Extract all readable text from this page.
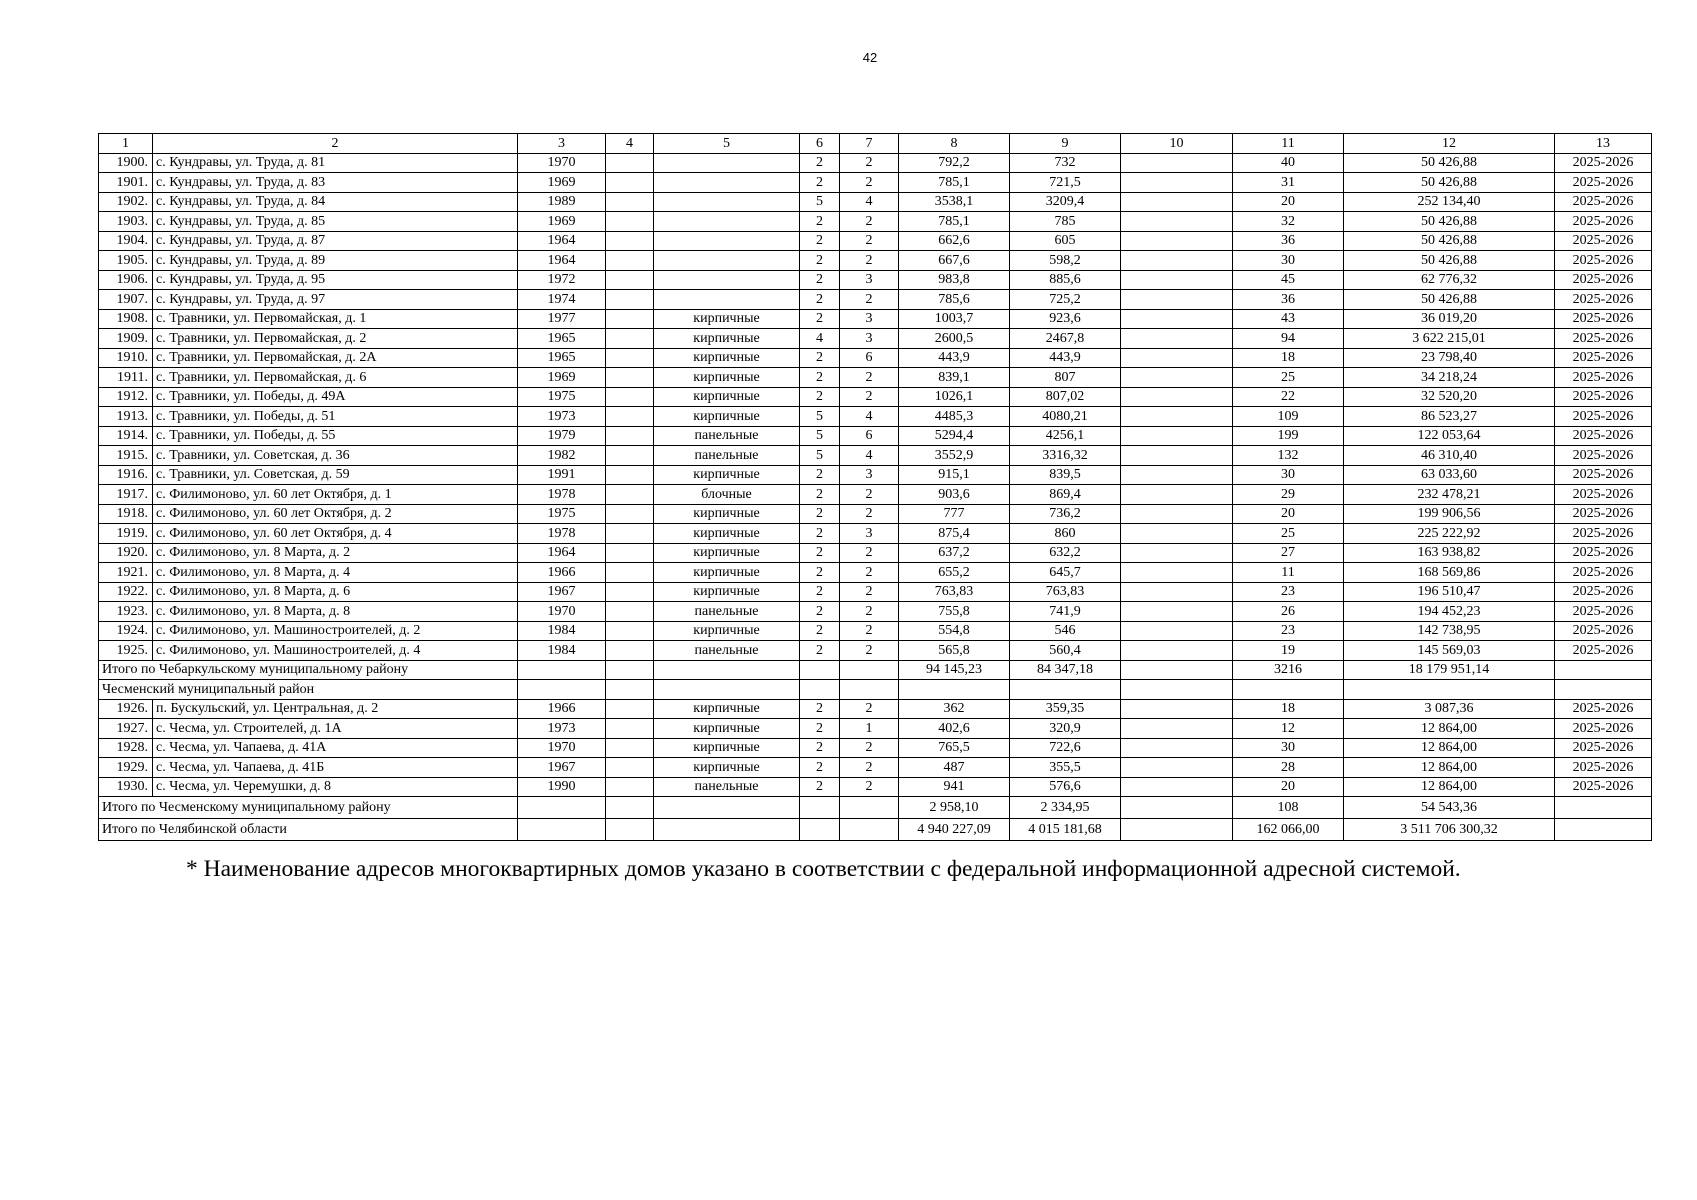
42
1	2	3	4	5	6	7	8	9	10	11	12	13
1900.	с. Кундравы, ул. Труда, д. 81	1970			2	2	792,2	732		40	50 426,88	2025-2026
1901.	с. Кундравы, ул. Труда, д. 83	1969			2	2	785,1	721,5		31	50 426,88	2025-2026
1902.	с. Кундравы, ул. Труда, д. 84	1989			5	4	3538,1	3209,4		20	252 134,40	2025-2026
1903.	с. Кундравы, ул. Труда, д. 85	1969			2	2	785,1	785		32	50 426,88	2025-2026
1904.	с. Кундравы, ул. Труда, д. 87	1964			2	2	662,6	605		36	50 426,88	2025-2026
1905.	с. Кундравы, ул. Труда, д. 89	1964			2	2	667,6	598,2		30	50 426,88	2025-2026
1906.	с. Кундравы, ул. Труда, д. 95	1972			2	3	983,8	885,6		45	62 776,32	2025-2026
1907.	с. Кундравы, ул. Труда, д. 97	1974			2	2	785,6	725,2		36	50 426,88	2025-2026
1908.	с. Травники, ул. Первомайская, д. 1	1977		кирпичные	2	3	1003,7	923,6		43	36 019,20	2025-2026
1909.	с. Травники, ул. Первомайская, д. 2	1965		кирпичные	4	3	2600,5	2467,8		94	3 622 215,01	2025-2026
1910.	с. Травники, ул. Первомайская, д. 2А	1965		кирпичные	2	6	443,9	443,9		18	23 798,40	2025-2026
1911.	с. Травники, ул. Первомайская, д. 6	1969		кирпичные	2	2	839,1	807		25	34 218,24	2025-2026
1912.	с. Травники, ул. Победы, д. 49А	1975		кирпичные	2	2	1026,1	807,02		22	32 520,20	2025-2026
1913.	с. Травники, ул. Победы, д. 51	1973		кирпичные	5	4	4485,3	4080,21		109	86 523,27	2025-2026
1914.	с. Травники, ул. Победы, д. 55	1979		панельные	5	6	5294,4	4256,1		199	122 053,64	2025-2026
1915.	с. Травники, ул. Советская, д. 36	1982		панельные	5	4	3552,9	3316,32		132	46 310,40	2025-2026
1916.	с. Травники, ул. Советская, д. 59	1991		кирпичные	2	3	915,1	839,5		30	63 033,60	2025-2026
1917.	с. Филимоново, ул. 60 лет Октября, д. 1	1978		блочные	2	2	903,6	869,4		29	232 478,21	2025-2026
1918.	с. Филимоново, ул. 60 лет Октября, д. 2	1975		кирпичные	2	2	777	736,2		20	199 906,56	2025-2026
1919.	с. Филимоново, ул. 60 лет Октября, д. 4	1978		кирпичные	2	3	875,4	860		25	225 222,92	2025-2026
1920.	с. Филимоново, ул. 8 Марта, д. 2	1964		кирпичные	2	2	637,2	632,2		27	163 938,82	2025-2026
1921.	с. Филимоново, ул. 8 Марта, д. 4	1966		кирпичные	2	2	655,2	645,7		11	168 569,86	2025-2026
1922.	с. Филимоново, ул. 8 Марта, д. 6	1967		кирпичные	2	2	763,83	763,83		23	196 510,47	2025-2026
1923.	с. Филимоново, ул. 8 Марта, д. 8	1970		панельные	2	2	755,8	741,9		26	194 452,23	2025-2026
1924.	с. Филимоново, ул. Машиностроителей, д. 2	1984		кирпичные	2	2	554,8	546		23	142 738,95	2025-2026
1925.	с. Филимоново, ул. Машиностроителей, д. 4	1984		панельные	2	2	565,8	560,4		19	145 569,03	2025-2026
Итого по Чебаркульскому муниципальному району							94 145,23	84 347,18		3216	18 179 951,14	
Чесменский муниципальный район												
1926.	п. Бускульский, ул. Центральная, д. 2	1966		кирпичные	2	2	362	359,35		18	3 087,36	2025-2026
1927.	с. Чесма, ул. Строителей, д. 1А	1973		кирпичные	2	1	402,6	320,9		12	12 864,00	2025-2026
1928.	с. Чесма, ул. Чапаева, д. 41А	1970		кирпичные	2	2	765,5	722,6		30	12 864,00	2025-2026
1929.	с. Чесма, ул. Чапаева, д. 41Б	1967		кирпичные	2	2	487	355,5		28	12 864,00	2025-2026
1930.	с. Чесма, ул. Черемушки, д. 8	1990		панельные	2	2	941	576,6		20	12 864,00	2025-2026
Итого по Чесменскому муниципальному району							2 958,10	2 334,95		108	54 543,36	
Итого по Челябинской области							4 940 227,09	4 015 181,68		162 066,00	3 511 706 300,32	
* Наименование адресов многоквартирных домов указано в соответствии с федеральной информационной адресной системой.
